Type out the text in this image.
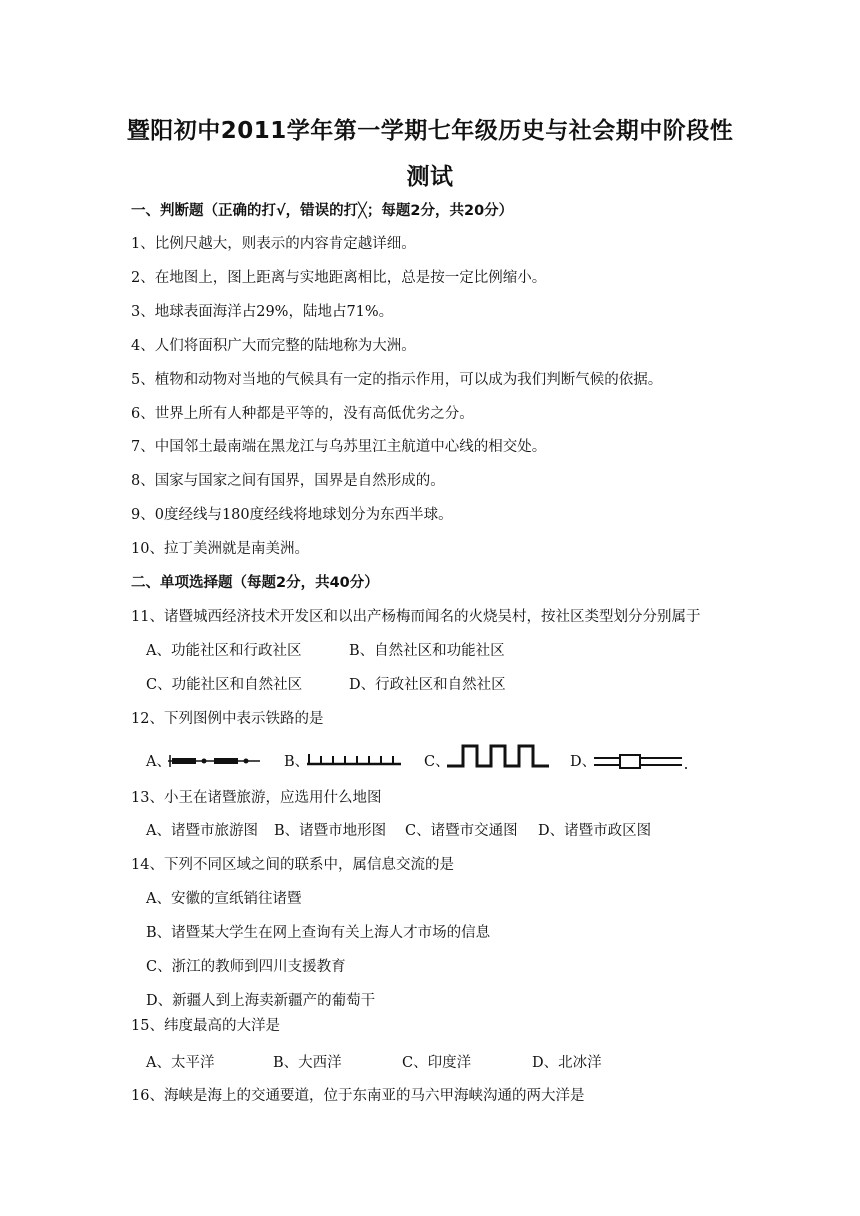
暨阳初中2011学年第一学期七年级历史与社会期中阶段性
测试
一、判断题（正确的打√，错误的打╳；每题2分，共20分）
1、比例尺越大，则表示的内容肯定越详细。
2、在地图上，图上距离与实地距离相比，总是按一定比例缩小。
3、地球表面海洋占29%，陆地占71%。
4、人们将面积广大而完整的陆地称为大洲。
5、植物和动物对当地的气候具有一定的指示作用，可以成为我们判断气候的依据。
6、世界上所有人种都是平等的，没有高低优劣之分。
7、中国邻土最南端在黑龙江与乌苏里江主航道中心线的相交处。
8、国家与国家之间有国界，国界是自然形成的。
9、0度经线与180度经线将地球划分为东西半球。
10、拉丁美洲就是南美洲。
二、单项选择题（每题2分，共40分）
11、诸暨城西经济技术开发区和以出产杨梅而闻名的火烧吴村，按社区类型划分分别属于
A、功能社区和行政社区	B、自然社区和功能社区
C、功能社区和自然社区	D、行政社区和自然社区
12、下列图例中表示铁路的是
A、	B、	C、	D、
13、小王在诸暨旅游，应选用什么地图
A、诸暨市旅游图 B、诸暨市地形图 C、诸暨市交通图 D、诸暨市政区图
14、下列不同区域之间的联系中，属信息交流的是
A、安徽的宣纸销往诸暨
B、诸暨某大学生在网上查询有关上海人才市场的信息
C、浙江的教师到四川支援教育
D、新疆人到上海卖新疆产的葡萄干
15、纬度最高的大洋是
A、太平洋	B、大西洋	C、印度洋	D、北冰洋
16、海峡是海上的交通要道，位于东南亚的马六甲海峡沟通的两大洋是
